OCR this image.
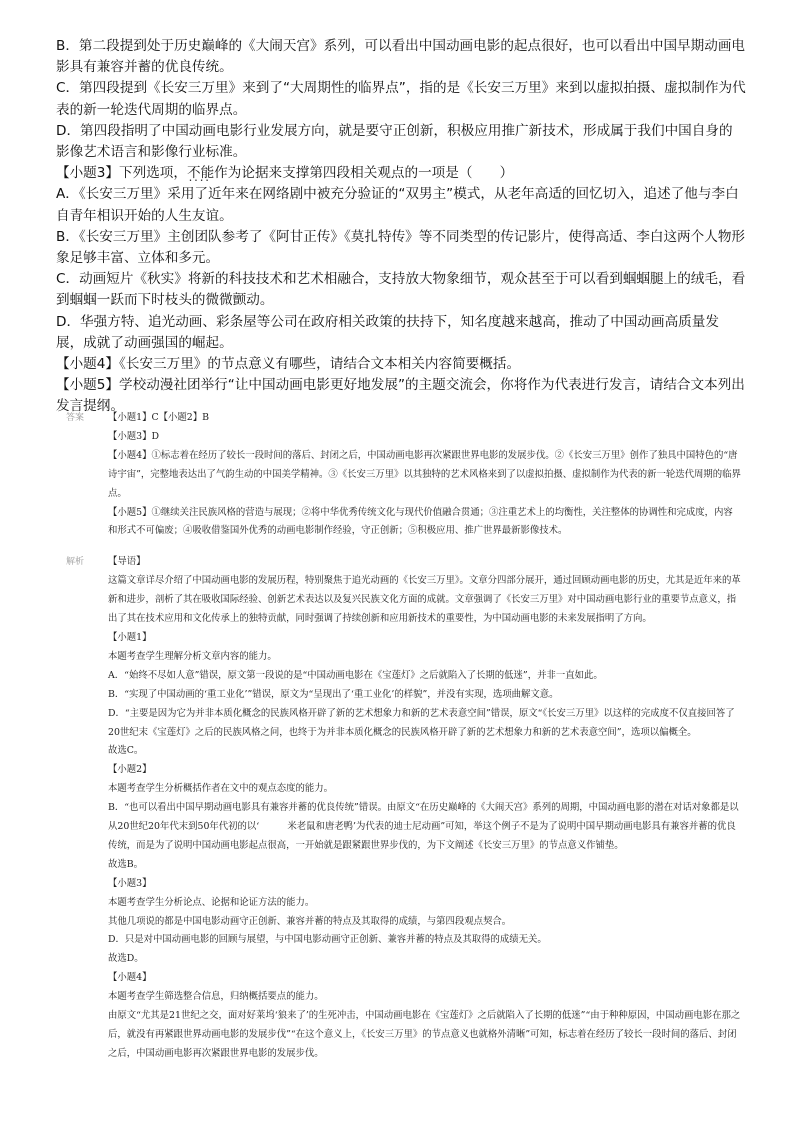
B．第二段提到处于历史巅峰的《大闹天宫》系列，可以看出中国动画电影的起点很好，也可以看出中国早期动画电影具有兼容并蓄的优良传统。

C．第四段提到《长安三万里》来到了“大周期性的临界点”，指的是《长安三万里》来到以虚拟拍摄、虚拟制作为代表的新一轮迭代周期的临界点。

D．第四段指明了中国动画电影行业发展方向，就是要守正创新，积极应用推广新技术，形成属于我们中国自身的影像艺术语言和影像行业标准。

【小题3】下列选项，不能作为 • • • •论据来支撑第四段相关观点的一项是（　　）

A．《长安三万里》采用了近年来在网络剧中被充分验证的“双男主”模式，从老年高适的回忆切入，追述了他与李白自青年相识开始的人生友谊。

B．《长安三万里》主创团队参考了《阿甘正传》《莫扎特传》等不同类型的传记影片，使得高适、李白这两个人物形象足够丰富、立体和多元。

C．动画短片《秋实》将新的科技技术和艺术相融合，支持放大物象细节，观众甚至于可以看到蝈蝈腿上的绒毛，看到蝈蝈一跃而下时枝头的微微颤动。

D．华强方特、追光动画、彩条屋等公司在政府相关政策的扶持下，知名度越来越高，推动了中国动画高质量发展，成就了动画强国的崛起。

【小题4】《长安三万里》的节点意义有哪些，请结合文本相关内容简要概括。

【小题5】学校动漫社团举行“让中国动画电影更好地发展”的主题交流会，你将作为代表进行发言，请结合文本列出发言提纲。

答案	【小题1】C【小题2】B

【小题3】D

【小题4】①标志着在经历了较长一段时间的落后、封闭之后，中国动画电影再次紧跟世界电影的发展步伐。②《长安三万里》创作了独具中国特色的“唐诗宇宙”，完整地表达出了气韵生动的中国美学精神。③《长安三万里》以其独特的艺术风格来到了以虚拟拍摄、虚拟制作为代表的新一轮迭代周期的临界点。

【小题5】①继续关注民族风格的营造与展现；②将中华优秀传统文化与现代价值融合贯通；③注重艺术上的均衡性，关注整体的协调性和完成度，内容和形式不可偏废；④吸收借鉴国外优秀的动画电影制作经验，守正创新；⑤积极应用、推广世界最新影像技术。

解析	【导语】

这篇文章详尽介绍了中国动画电影的发展历程，特别聚焦于追光动画的《长安三万里》。文章分四部分展开，通过回顾动画电影的历史，尤其是近年来的革新和进步，剖析了其在吸收国际经验、创新艺术表达以及复兴民族文化方面的成就。文章强调了《长安三万里》对中国动画电影行业的重要节点意义，指出了其在技术应用和文化传承上的独特贡献，同时强调了持续创新和应用新技术的重要性，为中国动画电影的未来发展指明了方向。

【小题1】

本题考查学生理解分析文章内容的能力。

A．“始终不尽如人意”错误，原文第一段说的是“中国动画电影在《宝莲灯》之后就陷入了长期的低迷”，并非一直如此。

B．“实现了中国动画的‘重工业化’”错误，原文为“呈现出了‘重工业化’的样貌”，并没有实现，选项曲解文意。

D．“主要是因为它为并非本质化概念的民族风格开辟了新的艺术想象力和新的艺术表意空间”错误，原文“《长安三万里》以这样的完成度不仅直接回答了20世纪末《宝莲灯》之后的民族风格之问，也终于为并非本质化概念的民族风格开辟了新的艺术想象力和新的艺术表意空间”，选项以偏概全。

故选C。

【小题2】

本题考查学生分析概括作者在文中的观点态度的能力。

B．“也可以看出中国早期动画电影具有兼容并蓄的优良传统”错误。由原文“在历史巅峰的《大闹天宫》系列的周期，中国动画电影的潜在对话对象都是以从20世纪20年代末到50年代初的以‘　　　米老鼠和唐老鸭’为代表的迪士尼动画”可知，举这个例子不是为了说明中国早期动画电影具有兼容并蓄的优良传统，而是为了说明中国动画电影起点很高，一开始就是跟紧跟世界步伐的，为下文阐述《长安三万里》的节点意义作铺垫。

故选B。

【小题3】

本题考查学生分析论点、论据和论证方法的能力。

其他几项说的都是中国电影动画守正创新、兼容并蓄的特点及其取得的成绩，与第四段观点契合。

D．只是对中国动画电影的回顾与展望，与中国电影动画守正创新、兼容并蓄的特点及其取得的成绩无关。

故选D。

【小题4】

本题考查学生筛选整合信息，归纳概括要点的能力。

由原文“尤其是21世纪之交，面对好莱坞‘狼来了’的生死冲击，中国动画电影在《宝莲灯》之后就陷入了长期的低迷”“由于种种原因，中国动画电影在那之后，就没有再紧跟世界动画电影的发展步伐”“在这个意义上，《长安三万里》的节点意义也就格外清晰”可知，标志着在经历了较长一段时间的落后、封闭之后，中国动画电影再次紧跟世界电影的发展步伐。
